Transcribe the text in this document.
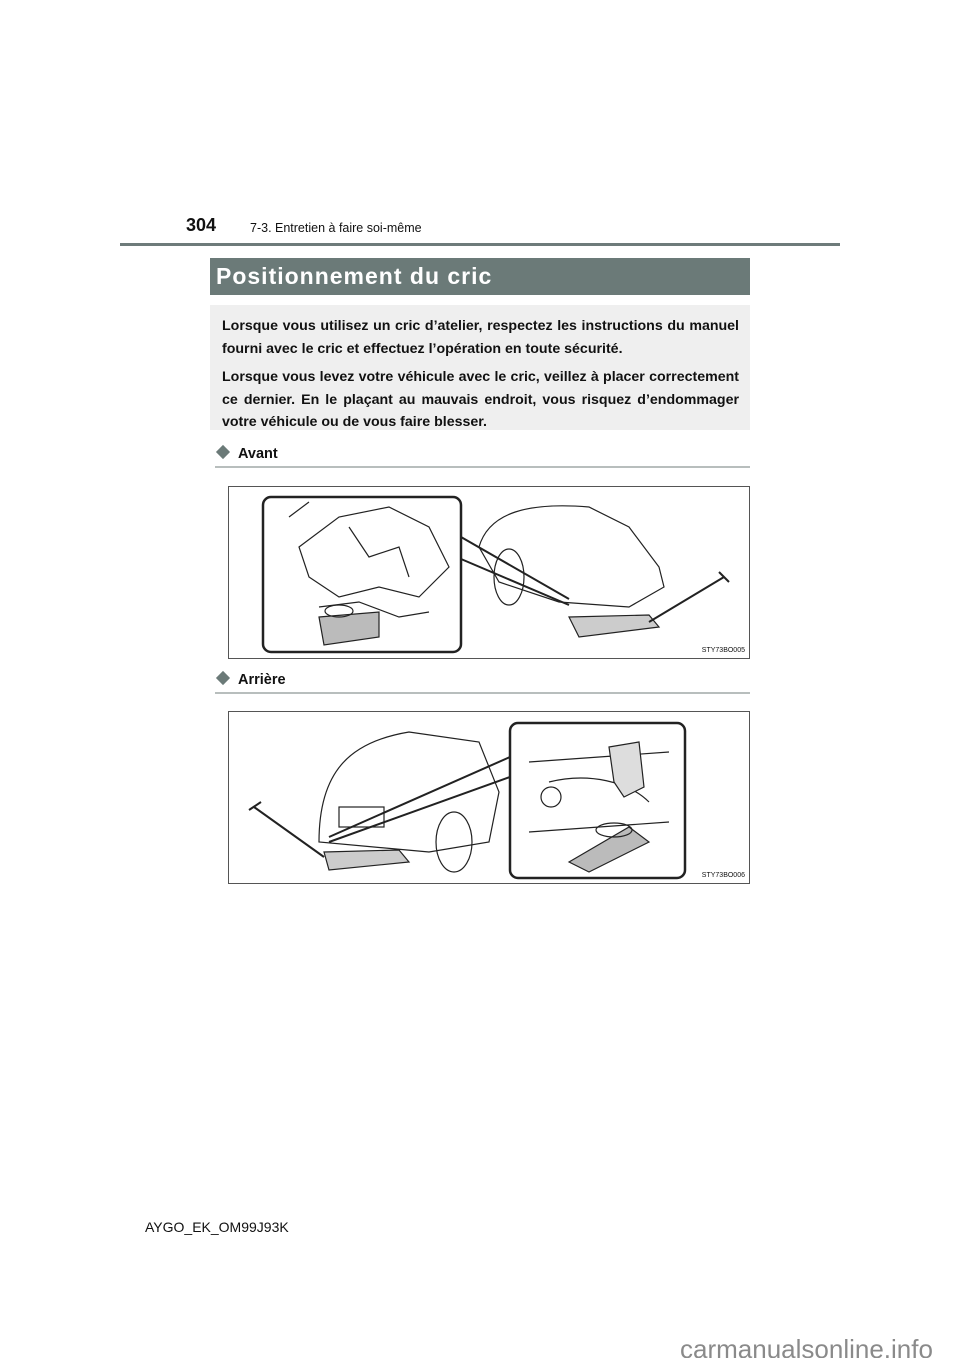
304	7-3. Entretien à faire soi-même
Positionnement du cric

Lorsque vous utilisez un cric d’atelier, respectez les instructions du manuel fourni avec le cric et effectuez l’opération en toute sécurité.

Lorsque vous levez votre véhicule avec le cric, veillez à placer correctement ce dernier. En le plaçant au mauvais endroit, vous risquez d’endommager votre véhicule ou de vous faire blesser.

Avant
STY73BO005
Arrière
STY73BO006
AYGO_EK_OM99J93K
carmanualsonline.info
